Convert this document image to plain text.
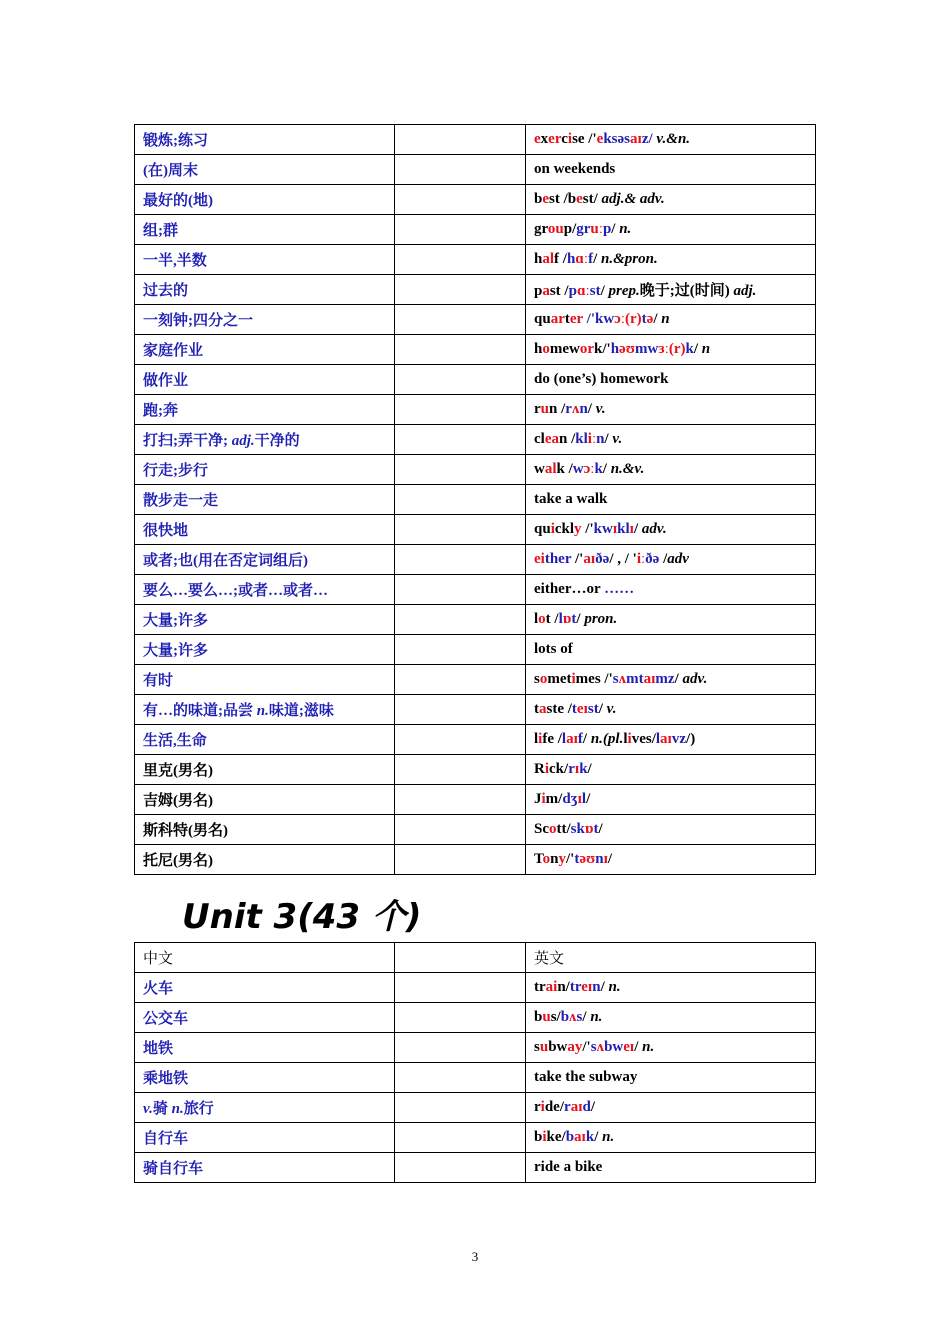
锻炼;练习		exercise /'eksəsaɪz/ v.&n.
(在)周末		on weekends
最好的(地)		best /best/ adj.& adv.
组;群		group/gruːp/ n.
一半,半数		half /hɑːf/ n.&pron.
过去的		past /pɑːst/ prep.晚于;过(时间) adj.
一刻钟;四分之一		quarter /'kwɔː(r)tə/ n
家庭作业		homework/'həʊmwɜː(r)k/ n
做作业		do (one’s) homework
跑;奔		run /rʌn/ v.
打扫;弄干净; adj.干净的		clean /kliːn/ v.
行走;步行		walk /wɔːk/ n.&v.
散步走一走		take a walk
很快地		quickly /'kwɪklɪ/ adv.
或者;也(用在否定词组后)		either /'aɪðə/ , / 'iːðə /adv
要么…要么…;或者…或者…		either…or ……
大量;许多		lot /lɒt/ pron.
大量;许多		lots of
有时		sometimes /'sʌmtaɪmz/ adv.
有…的味道;品尝 n.味道;滋味		taste /teɪst/ v.
生活,生命		life /laɪf/ n.(pl.lives/laɪvz/)
里克(男名)		Rick/rɪk/
吉姆(男名)		Jim/dʒɪl/
斯科特(男名)		Scott/skɒt/
托尼(男名)		Tony/'təʊnɪ/
Unit 3(43 个)
中文		英文
火车		train/treɪn/ n.
公交车		bus/bʌs/ n.
地铁		subway/'sʌbweɪ/ n.
乘地铁		take the subway
v.骑 n.旅行		ride/raɪd/
自行车		bike/baɪk/ n.
骑自行车		ride a bike
3
